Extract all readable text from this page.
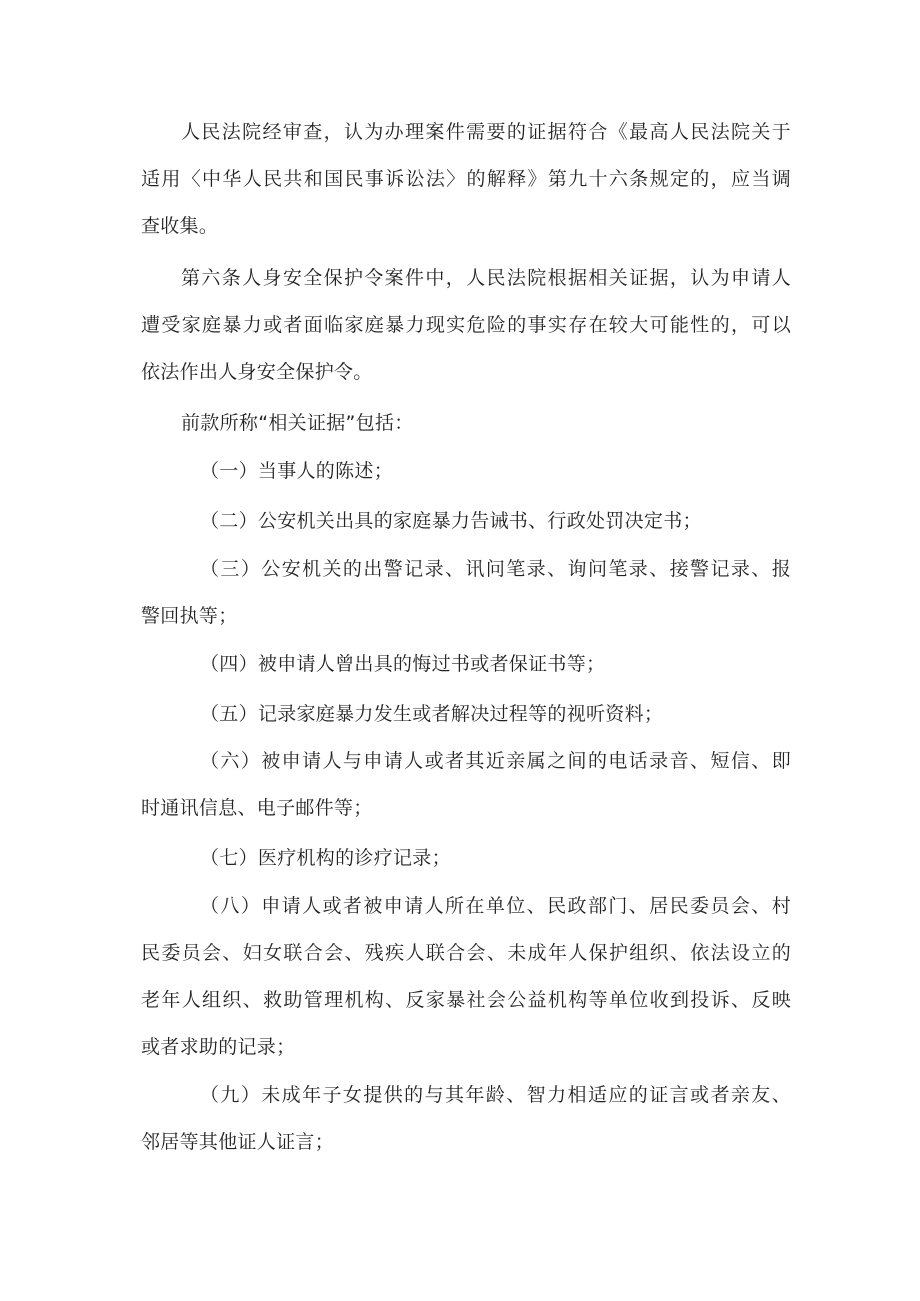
人民法院经审查，认为办理案件需要的证据符合《最高人民法院关于

适用〈中华人民共和国民事诉讼法〉的解释》第九十六条规定的，应当调

查收集。

第六条人身安全保护令案件中，人民法院根据相关证据，认为申请人

遭受家庭暴力或者面临家庭暴力现实危险的事实存在较大可能性的，可以

依法作出人身安全保护令。

前款所称“相关证据”包括：

（一）当事人的陈述；

（二）公安机关出具的家庭暴力告诫书、行政处罚决定书；

（三）公安机关的出警记录、讯问笔录、询问笔录、接警记录、报

警回执等；

（四）被申请人曾出具的悔过书或者保证书等；

（五）记录家庭暴力发生或者解决过程等的视听资料；

（六）被申请人与申请人或者其近亲属之间的电话录音、短信、即

时通讯信息、电子邮件等；

（七）医疗机构的诊疗记录；

（八）申请人或者被申请人所在单位、民政部门、居民委员会、村

民委员会、妇女联合会、残疾人联合会、未成年人保护组织、依法设立的

老年人组织、救助管理机构、反家暴社会公益机构等单位收到投诉、反映

或者求助的记录；

（九）未成年子女提供的与其年龄、智力相适应的证言或者亲友、

邻居等其他证人证言；
